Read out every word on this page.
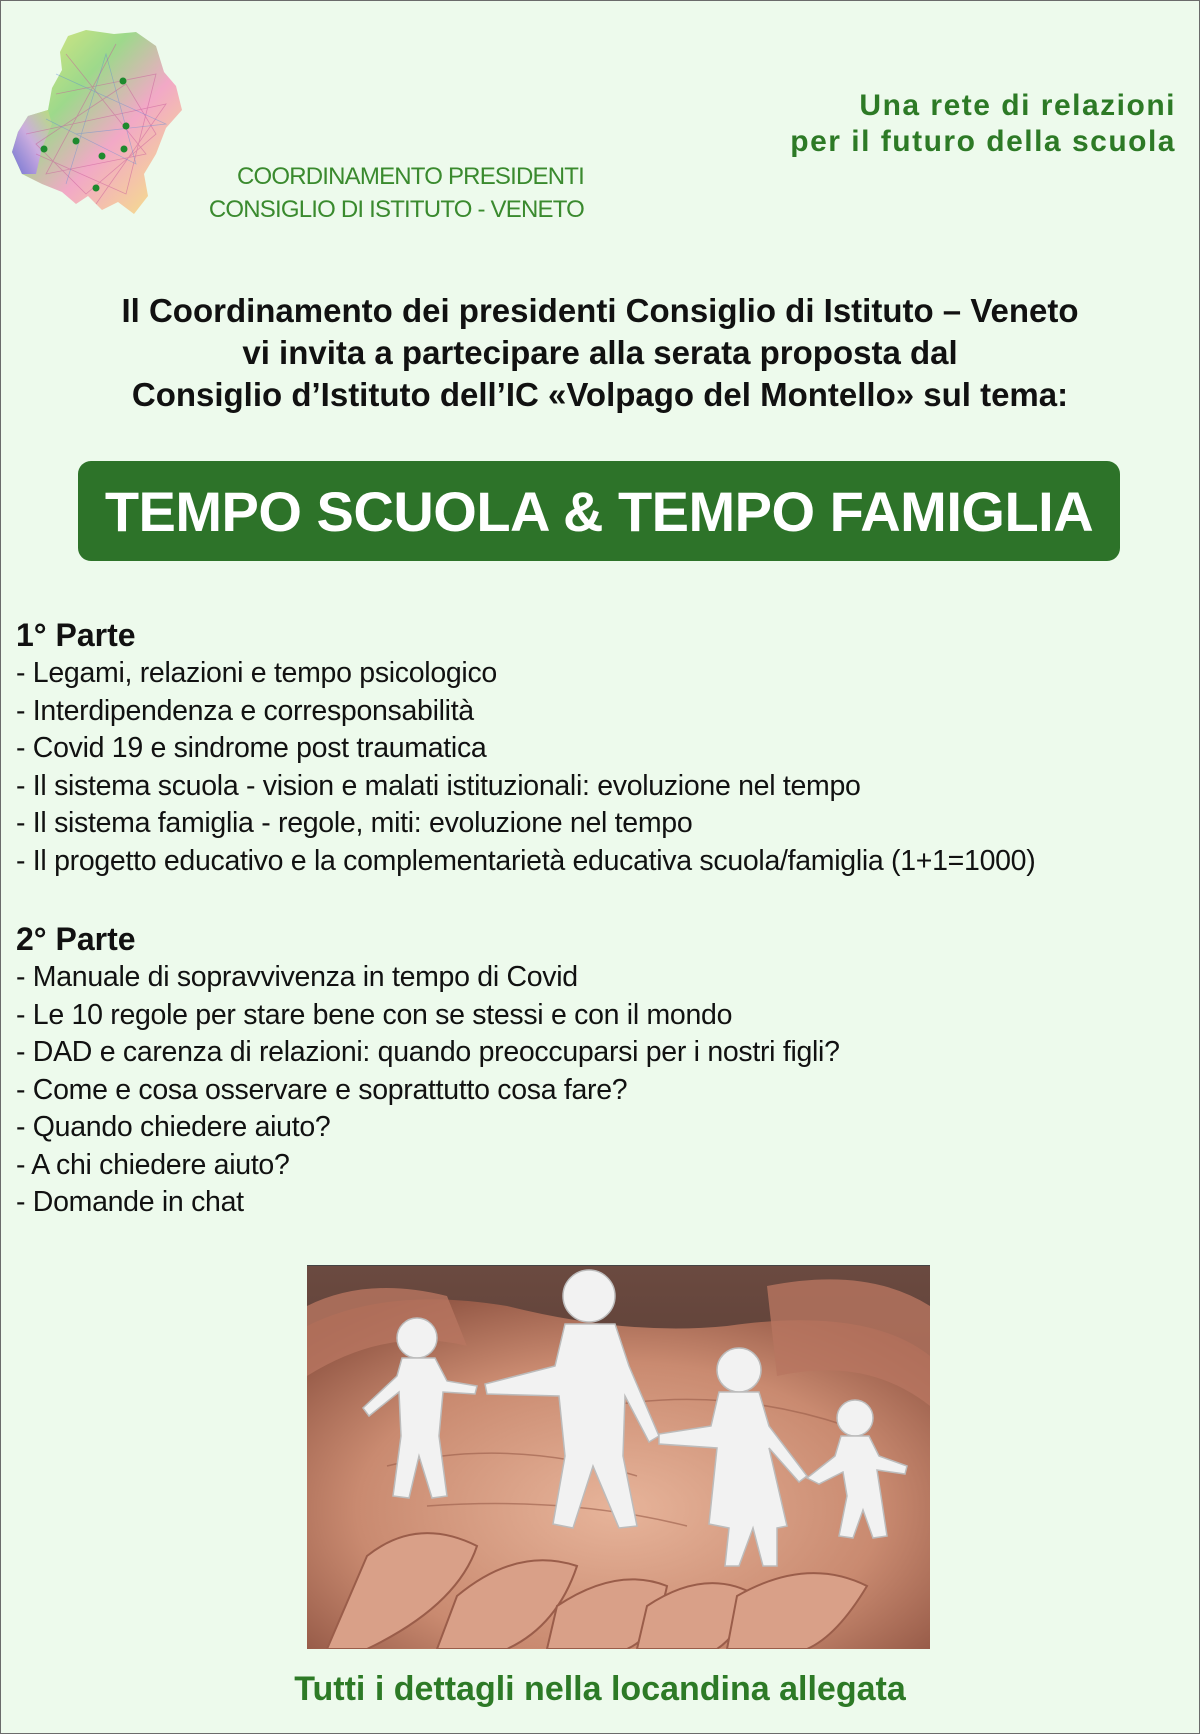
COORDINAMENTO PRESIDENTI
CONSIGLIO DI ISTITUTO - VENETO
Una rete di relazioni
per il futuro della scuola
Il Coordinamento dei presidenti Consiglio di Istituto – Veneto
vi invita a partecipare alla serata proposta dal
Consiglio d’Istituto dell’IC «Volpago del Montello» sul tema:
TEMPO SCUOLA & TEMPO FAMIGLIA
1° Parte
- Legami, relazioni e tempo psicologico
- Interdipendenza e corresponsabilità
- Covid 19 e sindrome post traumatica
- Il sistema scuola - vision e malati istituzionali: evoluzione nel tempo
- Il sistema famiglia - regole, miti: evoluzione nel tempo
- Il progetto educativo e la complementarietà educativa scuola/famiglia (1+1=1000)
2° Parte
- Manuale di sopravvivenza in tempo di Covid
- Le 10 regole per stare bene con se stessi e con il mondo
- DAD e carenza di relazioni: quando preoccuparsi per i nostri figli?
- Come e cosa osservare e soprattutto cosa fare?
- Quando chiedere aiuto?
- A chi chiedere aiuto?
- Domande in chat
Tutti i dettagli nella locandina allegata
